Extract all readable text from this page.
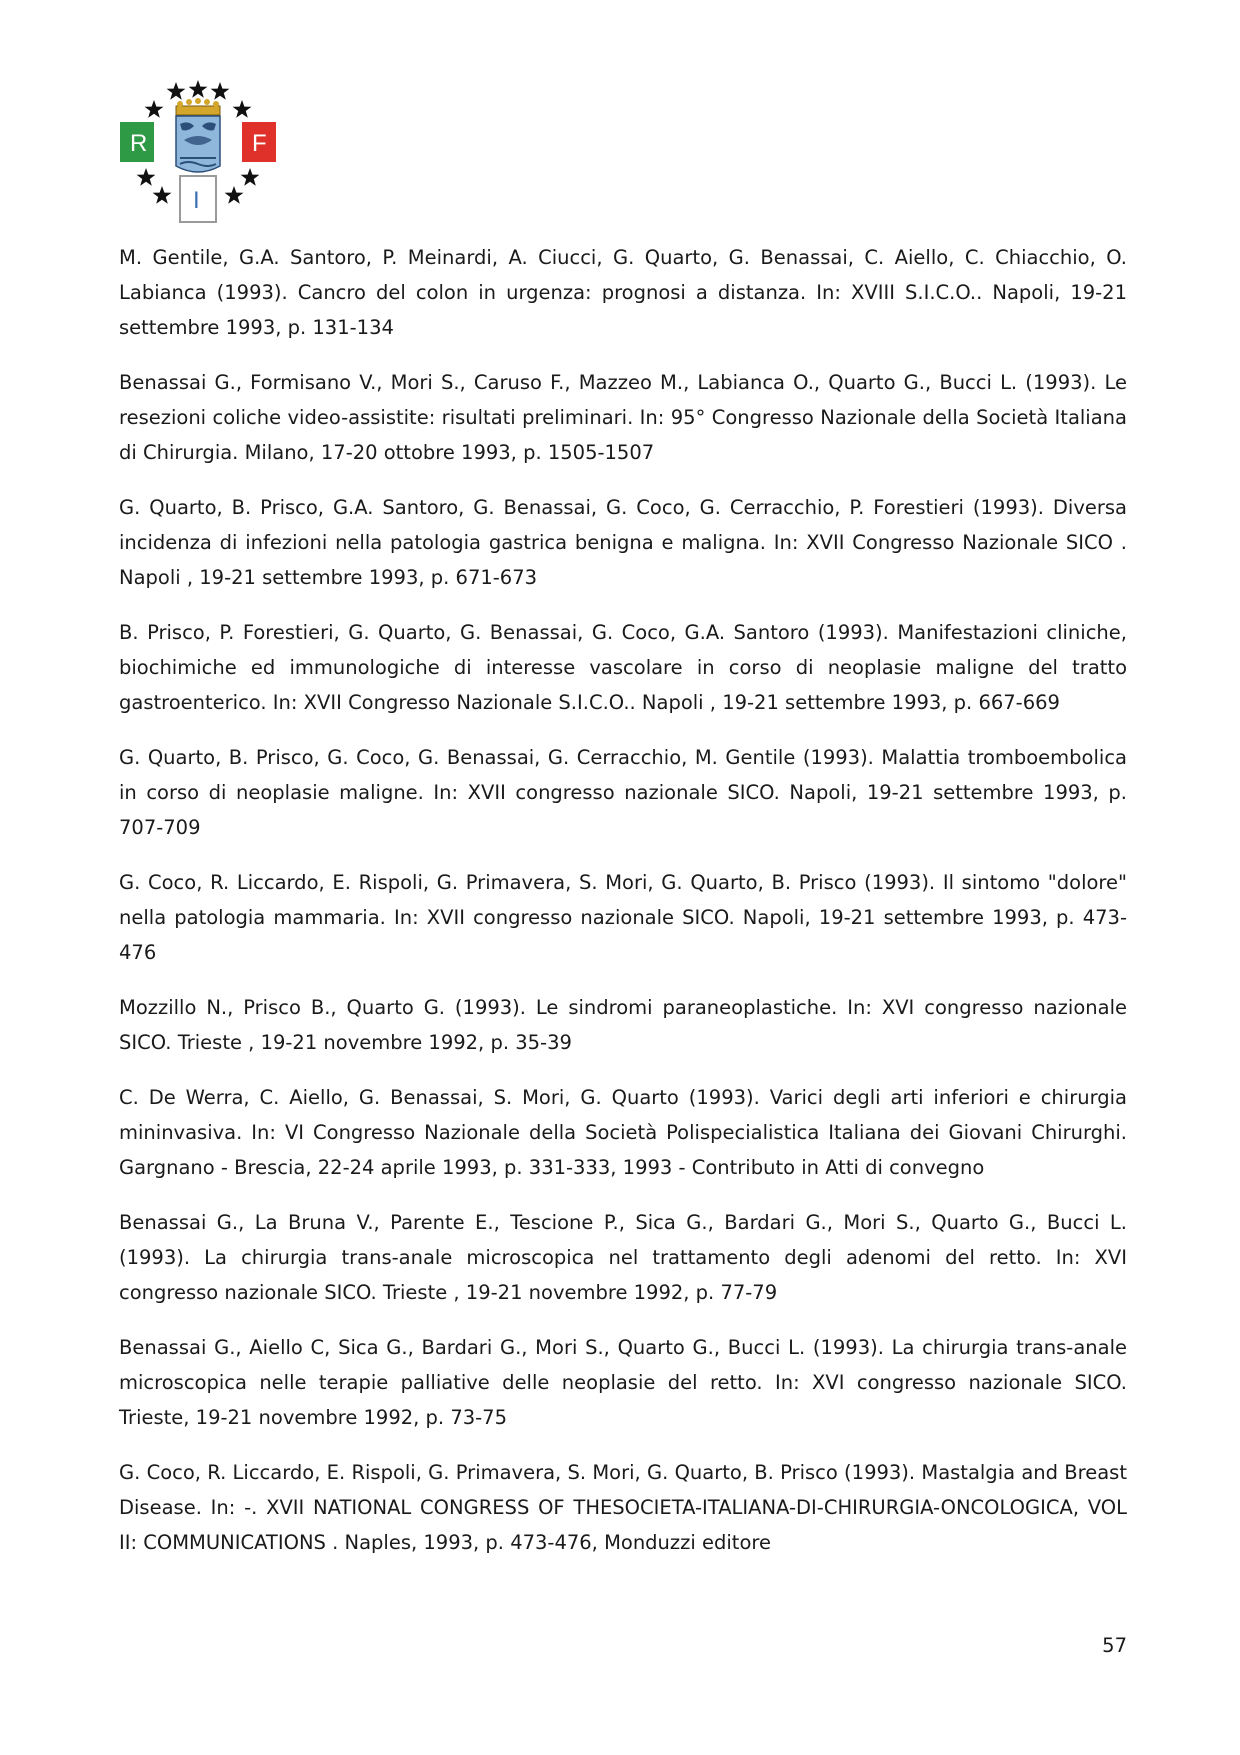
R	F
I

M. Gentile, G.A. Santoro, P. Meinardi, A. Ciucci, G. Quarto, G. Benassai, C. Aiello, C. Chiacchio, O. Labianca (1993). Cancro del colon in urgenza: prognosi a distanza. In: XVIII S.I.C.O.. Napoli, 19-21 settembre 1993, p. 131-134

Benassai G., Formisano V., Mori S., Caruso F., Mazzeo M., Labianca O., Quarto G., Bucci L. (1993). Le resezioni coliche video-assistite: risultati preliminari. In: 95° Congresso Nazionale della Società Italiana di Chirurgia. Milano, 17-20 ottobre 1993, p. 1505-1507

G. Quarto, B. Prisco, G.A. Santoro, G. Benassai, G. Coco, G. Cerracchio, P. Forestieri (1993). Diversa incidenza di infezioni nella patologia gastrica benigna e maligna. In: XVII Congresso Nazionale SICO . Napoli , 19-21 settembre 1993, p. 671-673

B. Prisco, P. Forestieri, G. Quarto, G. Benassai, G. Coco, G.A. Santoro (1993). Manifestazioni cliniche, biochimiche ed immunologiche di interesse vascolare in corso di neoplasie maligne del tratto gastroenterico. In: XVII Congresso Nazionale S.I.C.O.. Napoli , 19-21 settembre 1993, p. 667-669

G. Quarto, B. Prisco, G. Coco, G. Benassai, G. Cerracchio, M. Gentile (1993). Malattia tromboembolica in corso di neoplasie maligne. In: XVII congresso nazionale SICO. Napoli, 19-21 settembre 1993, p. 707-709

G. Coco, R. Liccardo, E. Rispoli, G. Primavera, S. Mori, G. Quarto, B. Prisco (1993). Il sintomo "dolore" nella patologia mammaria. In: XVII congresso nazionale SICO. Napoli, 19-21 settembre 1993, p. 473-476

Mozzillo N., Prisco B., Quarto G. (1993). Le sindromi paraneoplastiche. In: XVI congresso nazionale SICO. Trieste , 19-21 novembre 1992, p. 35-39

C. De Werra, C. Aiello, G. Benassai, S. Mori, G. Quarto (1993). Varici degli arti inferiori e chirurgia mininvasiva. In: VI Congresso Nazionale della Società Polispecialistica Italiana dei Giovani Chirurghi. Gargnano - Brescia, 22-24 aprile 1993, p. 331-333, 1993 - Contributo in Atti di convegno

Benassai G., La Bruna V., Parente E., Tescione P., Sica G., Bardari G., Mori S., Quarto G., Bucci L. (1993). La chirurgia trans-anale microscopica nel trattamento degli adenomi del retto. In: XVI congresso nazionale SICO. Trieste , 19-21 novembre 1992, p. 77-79

Benassai G., Aiello C, Sica G., Bardari G., Mori S., Quarto G., Bucci L. (1993). La chirurgia trans-anale microscopica nelle terapie palliative delle neoplasie del retto. In: XVI congresso nazionale SICO. Trieste, 19-21 novembre 1992, p. 73-75

G. Coco, R. Liccardo, E. Rispoli, G. Primavera, S. Mori, G. Quarto, B. Prisco (1993). Mastalgia and Breast Disease. In: -. XVII NATIONAL CONGRESS OF THESOCIETA-ITALIANA-DI-CHIRURGIA-ONCOLOGICA, VOL II: COMMUNICATIONS . Naples, 1993, p. 473-476, Monduzzi editore

57
